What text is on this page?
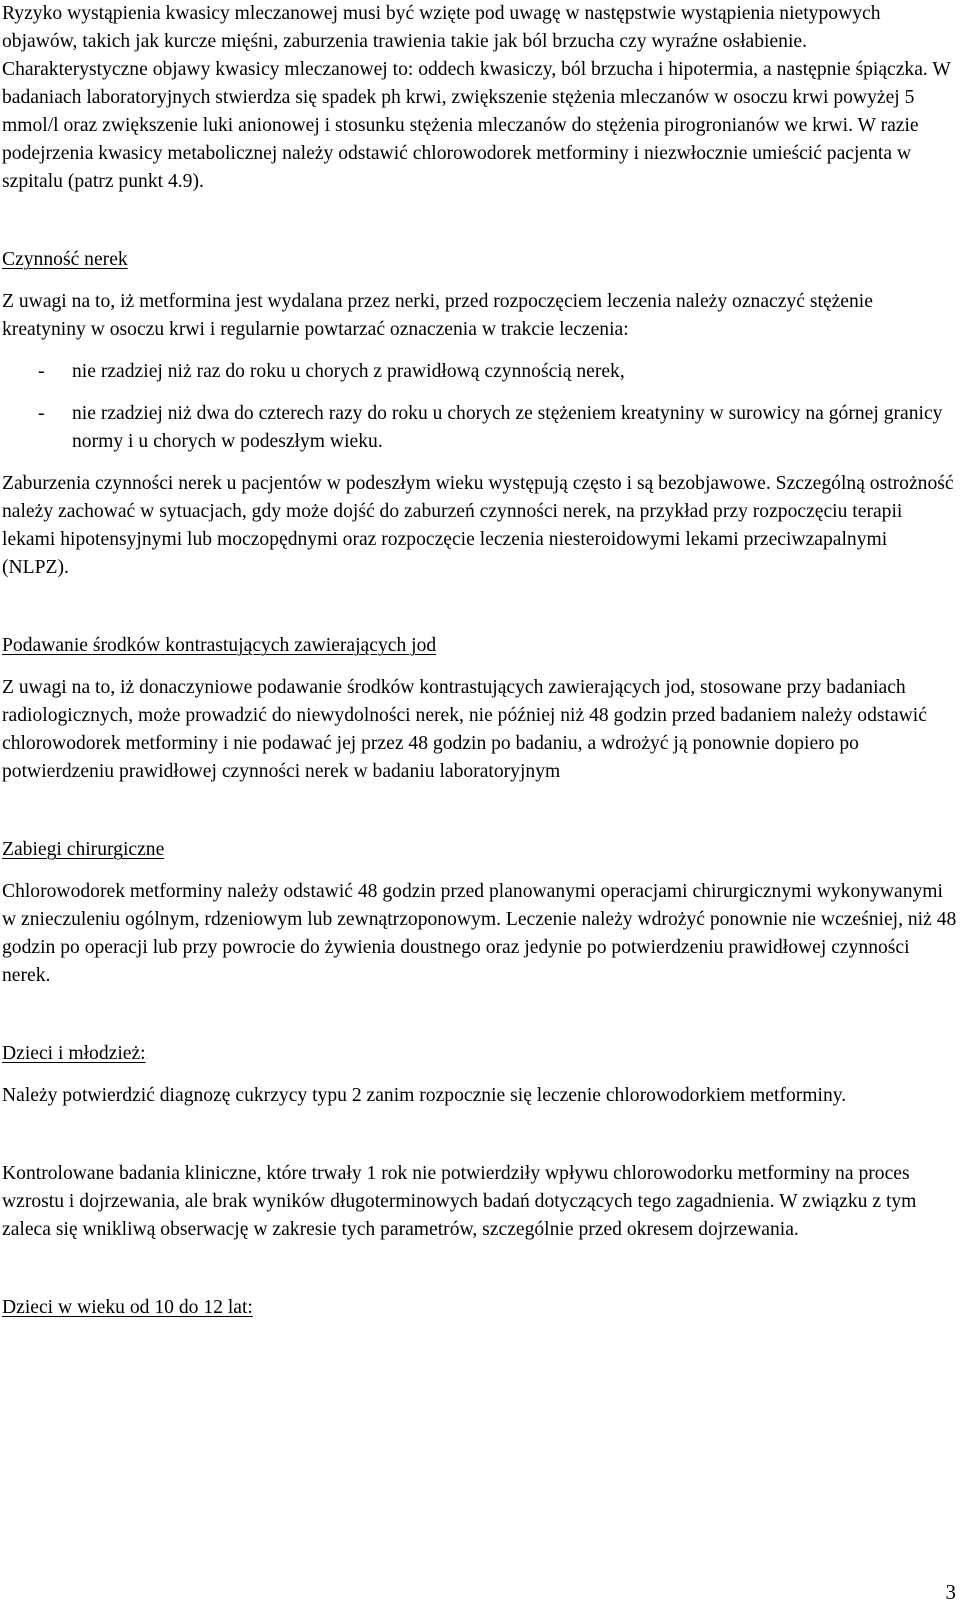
Ryzyko wystąpienia kwasicy mleczanowej musi być wzięte pod uwagę w następstwie wystąpienia nietypowych objawów, takich jak kurcze mięśni, zaburzenia trawienia takie jak ból brzucha czy wyraźne osłabienie.

Charakterystyczne objawy kwasicy mleczanowej to: oddech kwasiczy, ból brzucha i hipotermia, a następnie śpiączka. W badaniach laboratoryjnych stwierdza się spadek ph krwi, zwiększenie stężenia mleczanów w osoczu krwi powyżej 5 mmol/l oraz zwiększenie luki anionowej i stosunku stężenia mleczanów do stężenia pirogronianów we krwi. W razie podejrzenia kwasicy metabolicznej należy odstawić chlorowodorek metforminy i niezwłocznie umieścić pacjenta w szpitalu (patrz punkt 4.9).

Czynność nerek

Z uwagi na to, iż metformina jest wydalana przez nerki, przed rozpoczęciem leczenia należy oznaczyć stężenie kreatyniny w osoczu krwi i regularnie powtarzać oznaczenia w trakcie leczenia:

- nie rzadziej niż raz do roku u chorych z prawidłową czynnością nerek,
- nie rzadziej niż dwa do czterech razy do roku u chorych ze stężeniem kreatyniny w surowicy na górnej granicy normy i u chorych w podeszłym wieku.

Zaburzenia czynności nerek u pacjentów w podeszłym wieku występują często i są bezobjawowe. Szczególną ostrożność należy zachować w sytuacjach, gdy może dojść do zaburzeń czynności nerek, na przykład przy rozpoczęciu terapii lekami hipotensyjnymi lub moczopędnymi oraz rozpoczęcie leczenia niesteroidowymi lekami przeciwzapalnymi (NLPZ).

Podawanie środków kontrastujących zawierających jod

Z uwagi na to, iż donaczyniowe podawanie środków kontrastujących zawierających jod, stosowane przy badaniach radiologicznych, może prowadzić do niewydolności nerek, nie później niż 48 godzin przed badaniem należy odstawić chlorowodorek metforminy i nie podawać jej przez 48 godzin po badaniu, a wdrożyć ją ponownie dopiero po potwierdzeniu prawidłowej czynności nerek w badaniu laboratoryjnym

Zabiegi chirurgiczne

Chlorowodorek metforminy należy odstawić 48 godzin przed planowanymi operacjami chirurgicznymi wykonywanymi w znieczuleniu ogólnym, rdzeniowym lub zewnątrzoponowym. Leczenie należy wdrożyć ponownie nie wcześniej, niż 48 godzin po operacji lub przy powrocie do żywienia doustnego oraz jedynie po potwierdzeniu prawidłowej czynności nerek.

Dzieci i młodzież:

Należy potwierdzić diagnozę cukrzycy typu 2 zanim rozpocznie się leczenie chlorowodorkiem metforminy.

Kontrolowane badania kliniczne, które trwały 1 rok nie potwierdziły wpływu chlorowodorku metforminy na proces wzrostu i dojrzewania, ale brak wyników długoterminowych badań dotyczących tego zagadnienia. W związku z tym zaleca się wnikliwą obserwację w zakresie tych parametrów, szczególnie przed okresem dojrzewania.

Dzieci w wieku od 10 do 12 lat:

3
